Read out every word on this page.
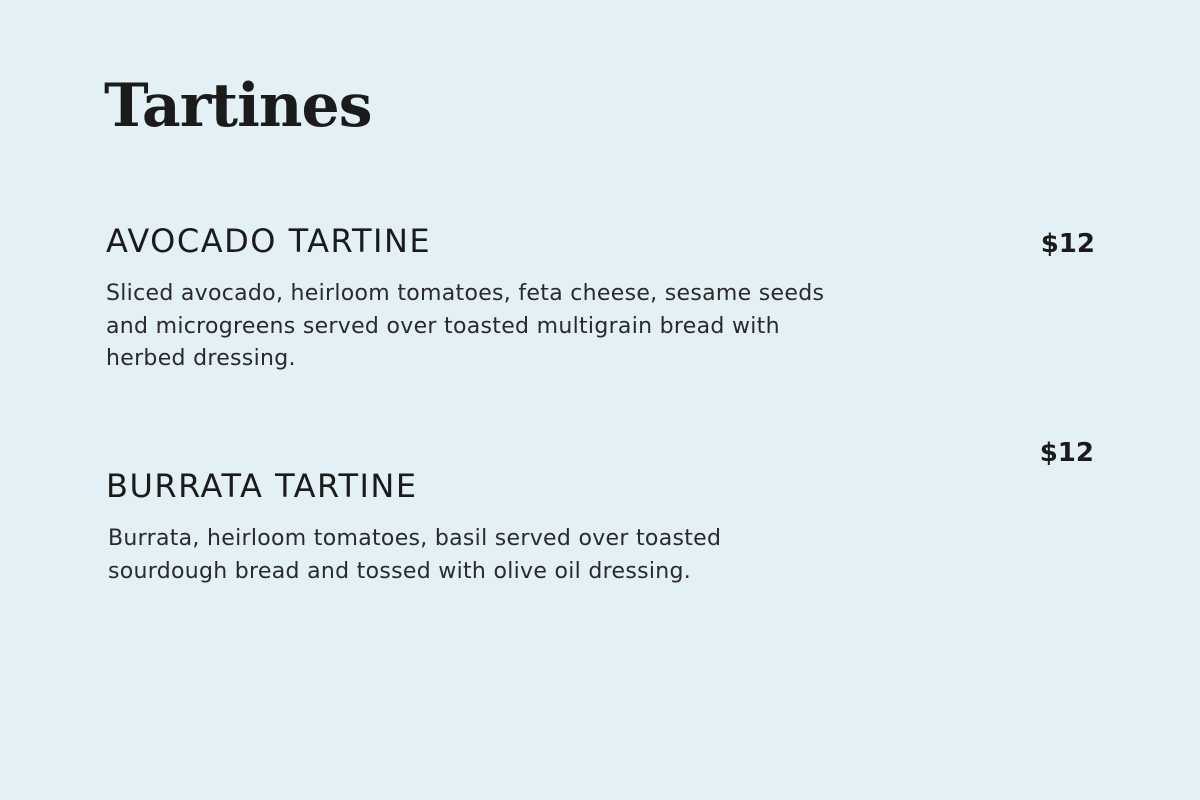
Tartines
AVOCADO TARTINE	$12

Sliced avocado, heirloom tomatoes, feta cheese, sesame seeds and microgreens served over toasted multigrain bread with herbed dressing.

BURRATA TARTINE
$12

Burrata, heirloom tomatoes, basil served over toasted sourdough bread and tossed with olive oil dressing.
